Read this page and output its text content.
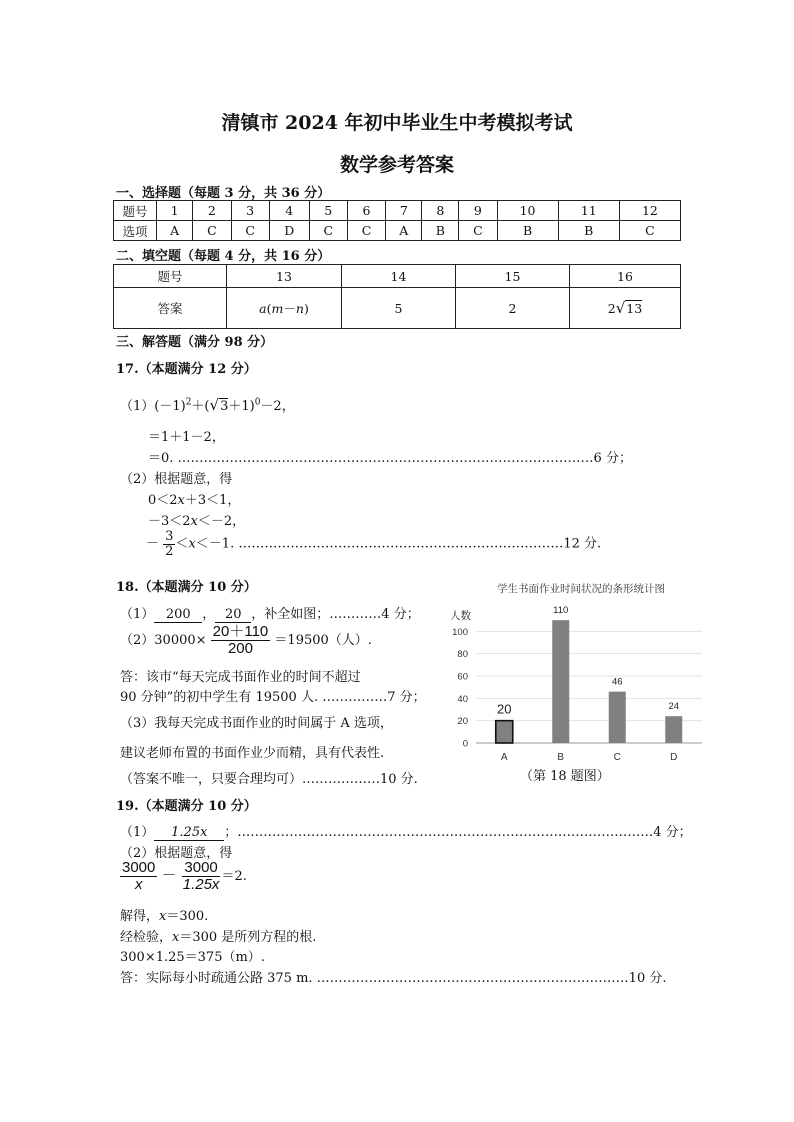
清镇市 2024 年初中毕业生中考模拟考试
数学参考答案
一、选择题（每题 3 分，共 36 分）
题号	1	2	3	4	5	6	7	8	9	10	11	12
选项	A	C	C	D	C	C	A	B	C	B	B	C
二、填空题（每题 4 分，共 16 分）
题号	13	14	15	16
答案	a(m－n)	5	2	2√13
三、解答题（满分 98 分）
17.（本题满分 12 分）
$(1)(-1)^2+(√3+1)^0-2$，
＝1＋1－2，
＝0. ……………………………………………………………………………………6 分；
（2）根据题意，得
0＜2x＋3＜1，
－3＜2x＜－2，
－ $\frac{3}{2} <x<-1$. …………………………………………………………………12 分.
18.（本题满分 10 分）
（1） 200 ， 20 ，补全如图；…………4 分；
$(2)30000\times \frac{20+110}{200} =19500$（人）.
答：该市“每天完成书面作业的时间不超过
90 分钟”的初中学生有 19500 人. ……………7 分；
（3）我每天完成书面作业的时间属于 A 选项，
建议老师布置的书面作业少而精，具有代表性.
（答案不唯一，只要合理均可）………………10 分.
学生书面作业时间状况的条形统计图
人数
0
20
40
60
80
100
20
A
110
B
46
C
24
D
（第 18 题图）
19.（本题满分 10 分）
（1） 1.25x ；……………………………………………………………………………………4 分；
（2）根据题意，得
$\frac{3000}{x} - \frac{3000}{1.25x} =2$.
解得，x＝300.
经检验，x＝300 是所列方程的根.
300×1.25＝375（m）.
答：实际每小时疏通公路 375 m. ………………………………………………………………10 分.
